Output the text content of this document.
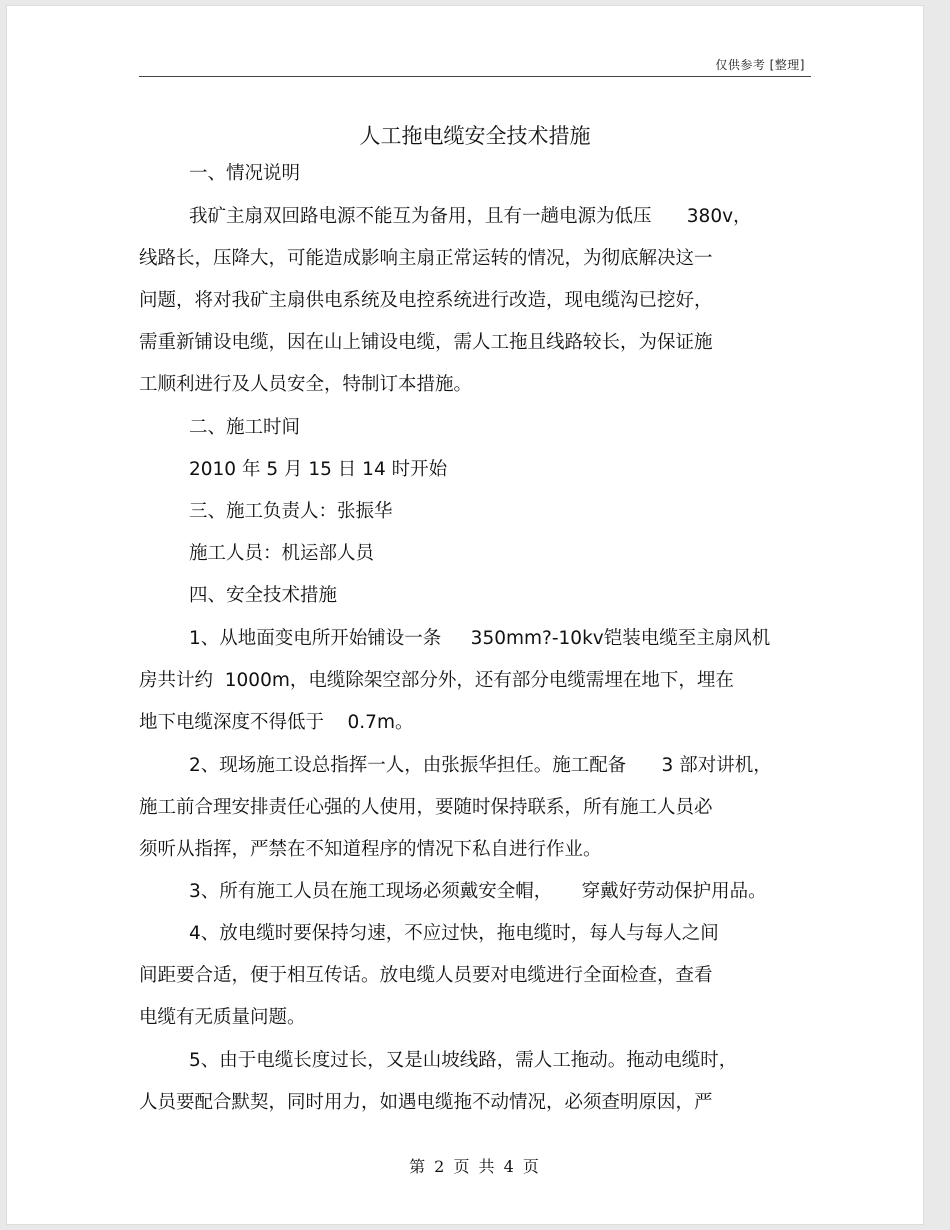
仅供参考 [整理]
人工拖电缆安全技术措施
一、情况说明
我矿主扇双回路电源不能互为备用，且有一趟电源为低压      380v，
线路长，压降大，可能造成影响主扇正常运转的情况，为彻底解决这一
问题，将对我矿主扇供电系统及电控系统进行改造，现电缆沟已挖好，
需重新铺设电缆，因在山上铺设电缆，需人工拖且线路较长，为保证施
工顺利进行及人员安全，特制订本措施。
二、施工时间
2010 年 5 月 15 日 14 时开始
三、施工负责人：张振华
施工人员：机运部人员
四、安全技术措施
1、从地面变电所开始铺设一条     350mm?-10kv铠装电缆至主扇风机
房共计约  1000m，电缆除架空部分外，还有部分电缆需埋在地下，埋在
地下电缆深度不得低于    0.7m。
2、现场施工设总指挥一人，由张振华担任。施工配备      3 部对讲机，
施工前合理安排责任心强的人使用，要随时保持联系，所有施工人员必
须听从指挥，严禁在不知道程序的情况下私自进行作业。
3、所有施工人员在施工现场必须戴安全帽，     穿戴好劳动保护用品。
4、放电缆时要保持匀速，不应过快，拖电缆时，每人与每人之间
间距要合适，便于相互传话。放电缆人员要对电缆进行全面检查，查看
电缆有无质量问题。
5、由于电缆长度过长，又是山坡线路，需人工拖动。拖动电缆时，
人员要配合默契，同时用力，如遇电缆拖不动情况，必须查明原因，严
第 2 页 共 4 页
